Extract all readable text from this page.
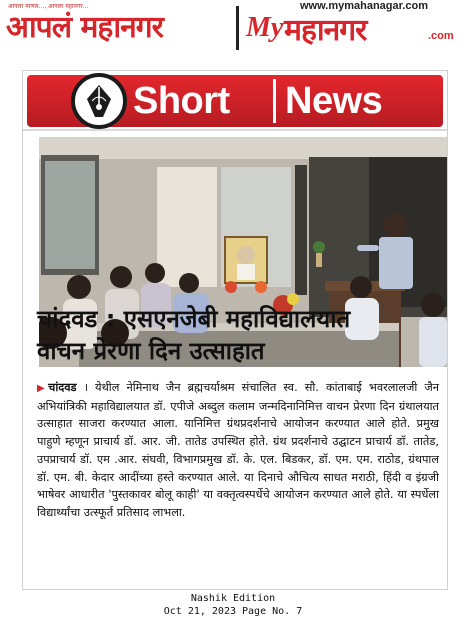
आपला माणस..., आपला महानगर...
आपलं महानगर
www.mymahanagar.com
My महानगर	.com
Short News
चांदवड : एसएनजेबी महाविद्यालयात
वाचन प्रेरणा दिन उत्साहात
▶चांदवड । येथील नेमिनाथ जैन ब्रह्मचर्याश्रम संचालित स्व. सौ. कांताबाई भवरलालजी जैन अभियांत्रिकी महाविद्यालयात डॉ. एपीजे अब्दुल कलाम जन्मदिनानिमित्त वाचन प्रेरणा दिन ग्रंथालयात उत्साहात साजरा करण्यात आला. यानिमित्त ग्रंथप्रदर्शनाचे आयोजन करण्यात आले होते. प्रमुख पाहुणे म्हणून प्राचार्य डॉ. आर. जी. तातेड उपस्थित होते. ग्रंथ प्रदर्शनाचे उद्घाटन प्राचार्य डॉ. तातेड, उपप्राचार्य डॉ. एम .आर. संघवी, विभागप्रमुख डॉ. के. एल. बिडकर, डॉ. एम. एम. राठोड, ग्रंथपाल डॉ. एम. बी. केदार आदींच्या हस्ते करण्यात आले. या दिनाचे औचित्य साधत मराठी, हिंदी व इंग्रजी भाषेवर आधारीत 'पुस्तकावर बोलू काही' या वक्तृत्वस्पर्धेचे आयोजन करण्यात आले होते. या स्पर्धेला विद्यार्थ्यांचा उत्स्फूर्त प्रतिसाद लाभला.
Nashik Edition
Oct 21, 2023 Page No. 7
